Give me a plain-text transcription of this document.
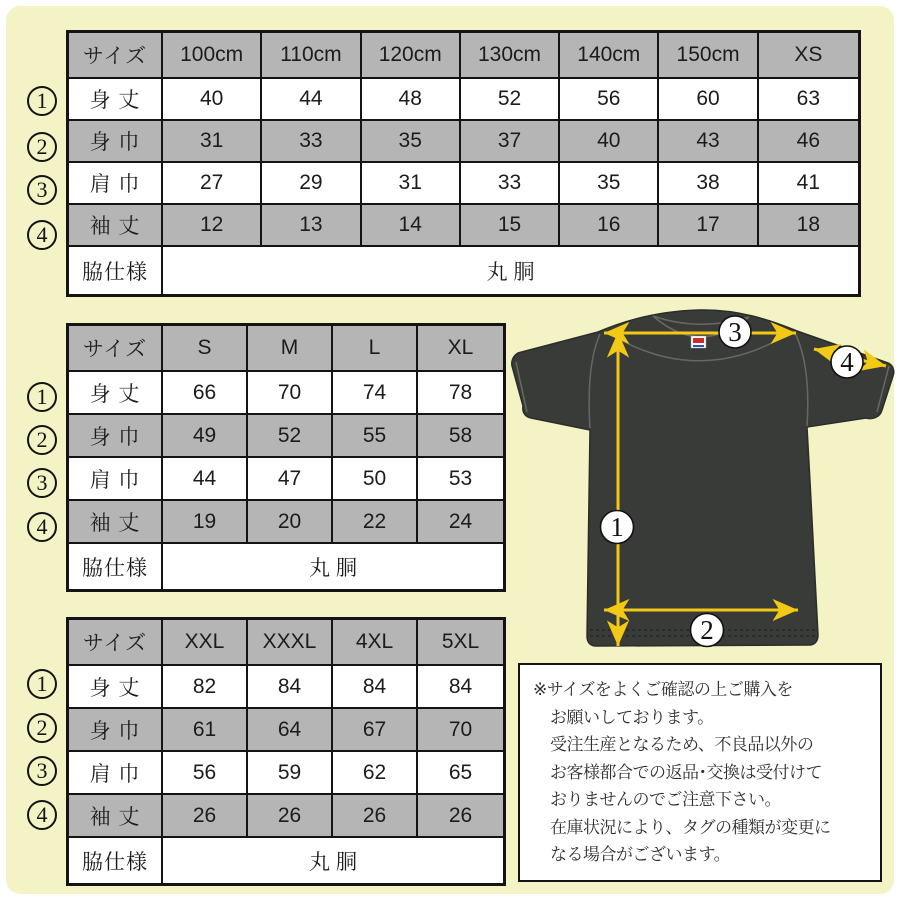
サイズ	100cm	110cm	120cm	130cm	140cm	150cm	XS
身 丈	40	44	48	52	56	60	63
身 巾	31	33	35	37	40	43	46
肩 巾	27	29	31	33	35	38	41
袖 丈	12	13	14	15	16	17	18
脇仕様	丸 胴
サイズ	S	M	L	XL
身 丈	66	70	74	78
身 巾	49	52	55	58
肩 巾	44	47	50	53
袖 丈	19	20	22	24
脇仕様	丸 胴
サイズ	XXL	XXXL	4XL	5XL
身 丈	82	84	84	84
身 巾	61	64	67	70
肩 巾	56	59	62	65
袖 丈	26	26	26	26
脇仕様	丸 胴
1
2
3
4
1
2
3
4
1
2
3
4
1
2
3
4
※サイズをよくご確認の上ご購入を
お願いしております。
受注生産となるため、不良品以外の
お客様都合での返品･交換は受付けて
おりませんのでご注意下さい。
在庫状況により、タグの種類が変更に
なる場合がございます。
